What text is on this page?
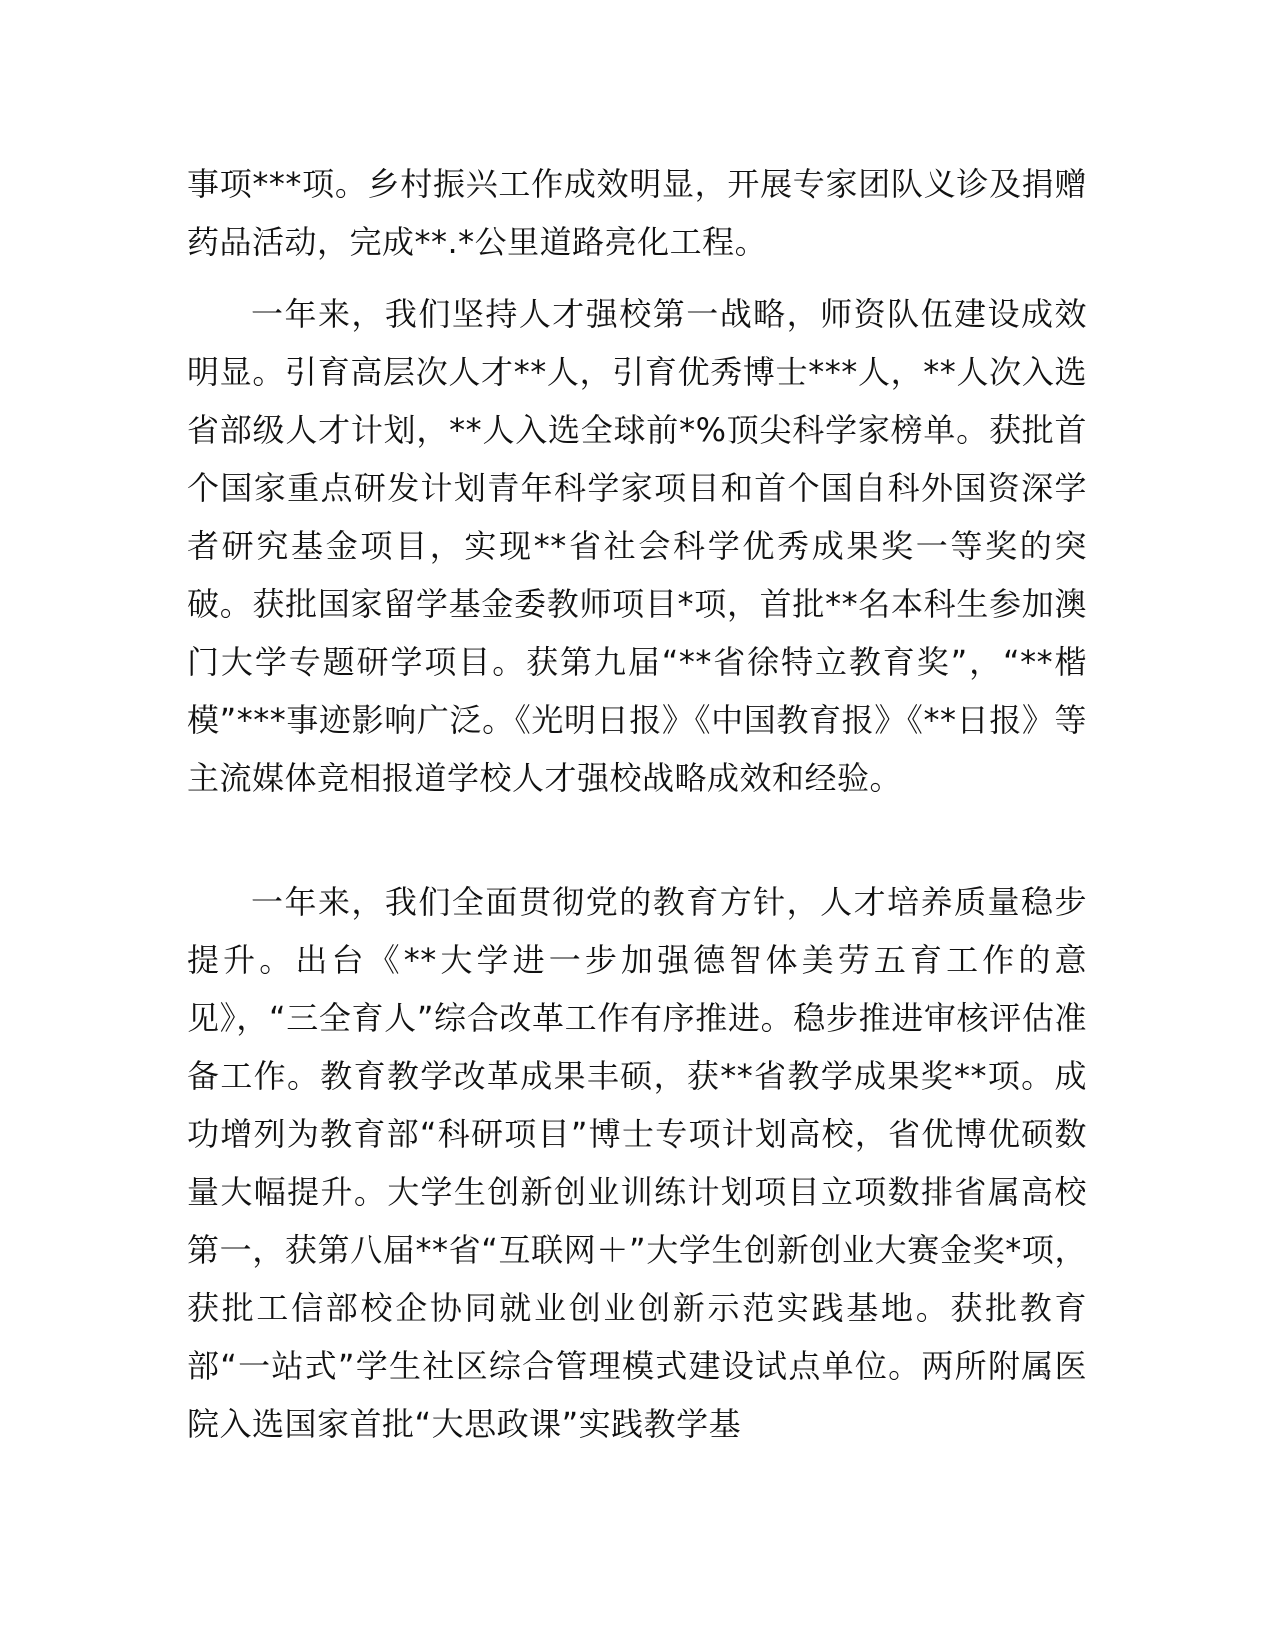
事项***项。乡村振兴工作成效明显，开展专家团队义诊及捐赠药品活动，完成**.*公里道路亮化工程。

一年来，我们坚持人才强校第一战略，师资队伍建设成效明显。引育高层次人才**人，引育优秀博士***人，**人次入选省部级人才计划，**人入选全球前*%顶尖科学家榜单。获批首个国家重点研发计划青年科学家项目和首个国自科外国资深学者研究基金项目，实现**省社会科学优秀成果奖一等奖的突破。获批国家留学基金委教师项目*项，首批**名本科生参加澳门大学专题研学项目。获第九届“**省徐特立教育奖”，“**楷模”***事迹影响广泛。《光明日报》《中国教育报》《**日报》等主流媒体竞相报道学校人才强校战略成效和经验。

一年来，我们全面贯彻党的教育方针，人才培养质量稳步提升。出台《**大学进一步加强德智体美劳五育工作的意见》，“三全育人”综合改革工作有序推进。稳步推进审核评估准备工作。教育教学改革成果丰硕，获**省教学成果奖**项。成功增列为教育部“科研项目”博士专项计划高校，省优博优硕数量大幅提升。大学生创新创业训练计划项目立项数排省属高校第一，获第八届**省“互联网＋”大学生创新创业大赛金奖*项，获批工信部校企协同就业创业创新示范实践基地。获批教育部“一站式”学生社区综合管理模式建设试点单位。两所附属医院入选国家首批“大思政课”实践教学基
